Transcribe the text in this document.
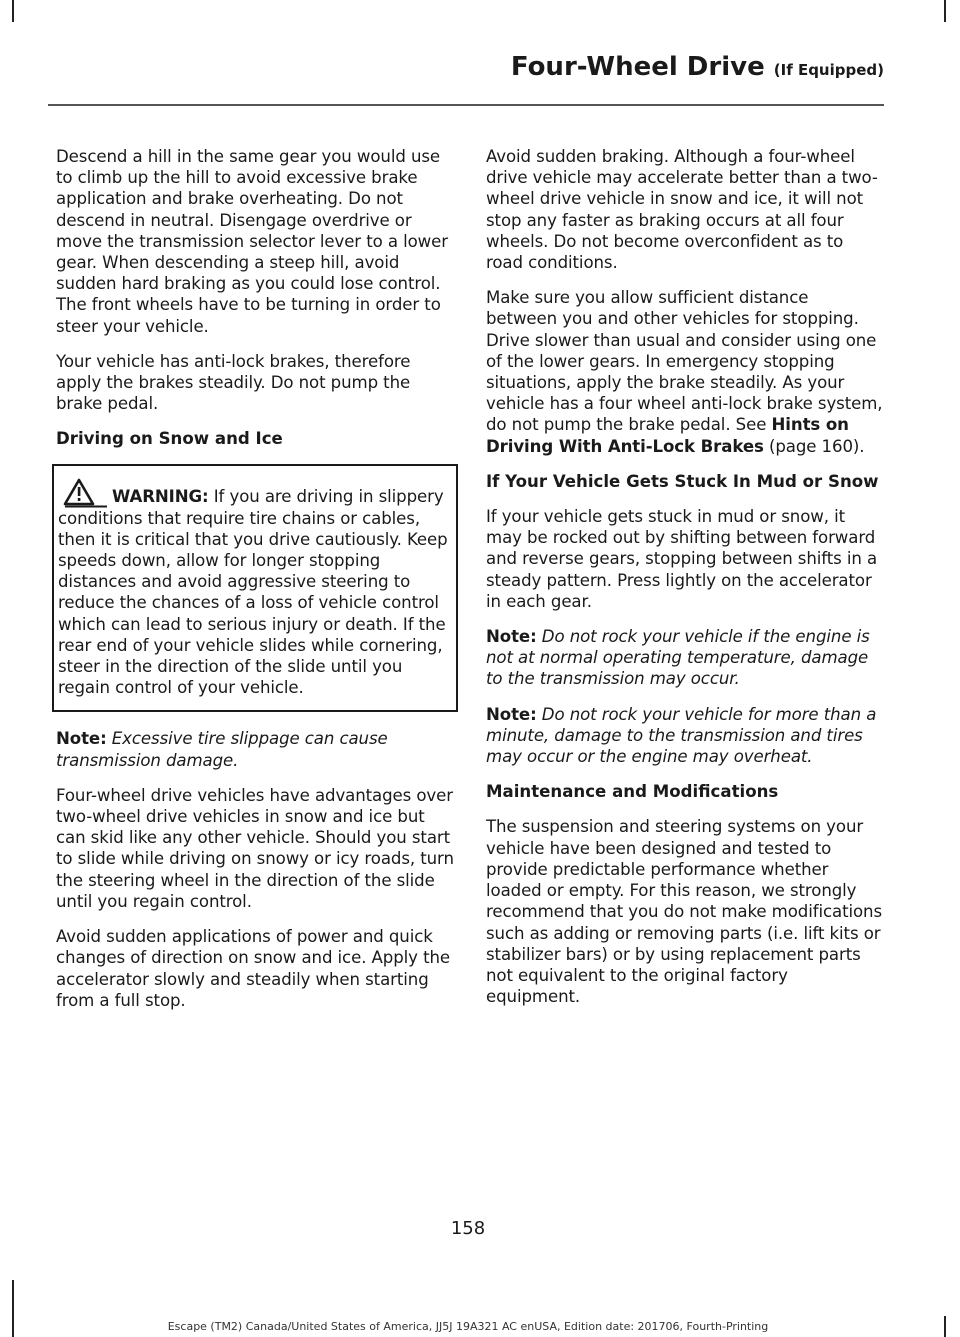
Four-Wheel Drive (If Equipped)

Descend a hill in the same gear you would use to climb up the hill to avoid excessive brake application and brake overheating. Do not descend in neutral. Disengage overdrive or move the transmission selector lever to a lower gear. When descending a steep hill, avoid sudden hard braking as you could lose control. The front wheels have to be turning in order to steer your vehicle.

Your vehicle has anti-lock brakes, therefore apply the brakes steadily. Do not pump the brake pedal.

Driving on Snow and Ice

WARNING: If you are driving in slippery conditions that require tire chains or cables, then it is critical that you drive cautiously. Keep speeds down, allow for longer stopping distances and avoid aggressive steering to reduce the chances of a loss of vehicle control which can lead to serious injury or death. If the rear end of your vehicle slides while cornering, steer in the direction of the slide until you regain control of your vehicle.

Note: Excessive tire slippage can cause transmission damage.

Four-wheel drive vehicles have advantages over two-wheel drive vehicles in snow and ice but can skid like any other vehicle. Should you start to slide while driving on snowy or icy roads, turn the steering wheel in the direction of the slide until you regain control.

Avoid sudden applications of power and quick changes of direction on snow and ice. Apply the accelerator slowly and steadily when starting from a full stop.

Avoid sudden braking. Although a four-wheel drive vehicle may accelerate better than a two-wheel drive vehicle in snow and ice, it will not stop any faster as braking occurs at all four wheels. Do not become overconfident as to road conditions.

Make sure you allow sufficient distance between you and other vehicles for stopping. Drive slower than usual and consider using one of the lower gears. In emergency stopping situations, apply the brake steadily. As your vehicle has a four wheel anti-lock brake system, do not pump the brake pedal. See Hints on Driving With Anti-Lock Brakes (page 160).

If Your Vehicle Gets Stuck In Mud or Snow

If your vehicle gets stuck in mud or snow, it may be rocked out by shifting between forward and reverse gears, stopping between shifts in a steady pattern. Press lightly on the accelerator in each gear.

Note: Do not rock your vehicle if the engine is not at normal operating temperature, damage to the transmission may occur.

Note: Do not rock your vehicle for more than a minute, damage to the transmission and tires may occur or the engine may overheat.

Maintenance and Modifications

The suspension and steering systems on your vehicle have been designed and tested to provide predictable performance whether loaded or empty. For this reason, we strongly recommend that you do not make modifications such as adding or removing parts (i.e. lift kits or stabilizer bars) or by using replacement parts not equivalent to the original factory equipment.

158
Escape (TM2) Canada/United States of America, JJ5J 19A321 AC enUSA, Edition date: 201706, Fourth-Printing
